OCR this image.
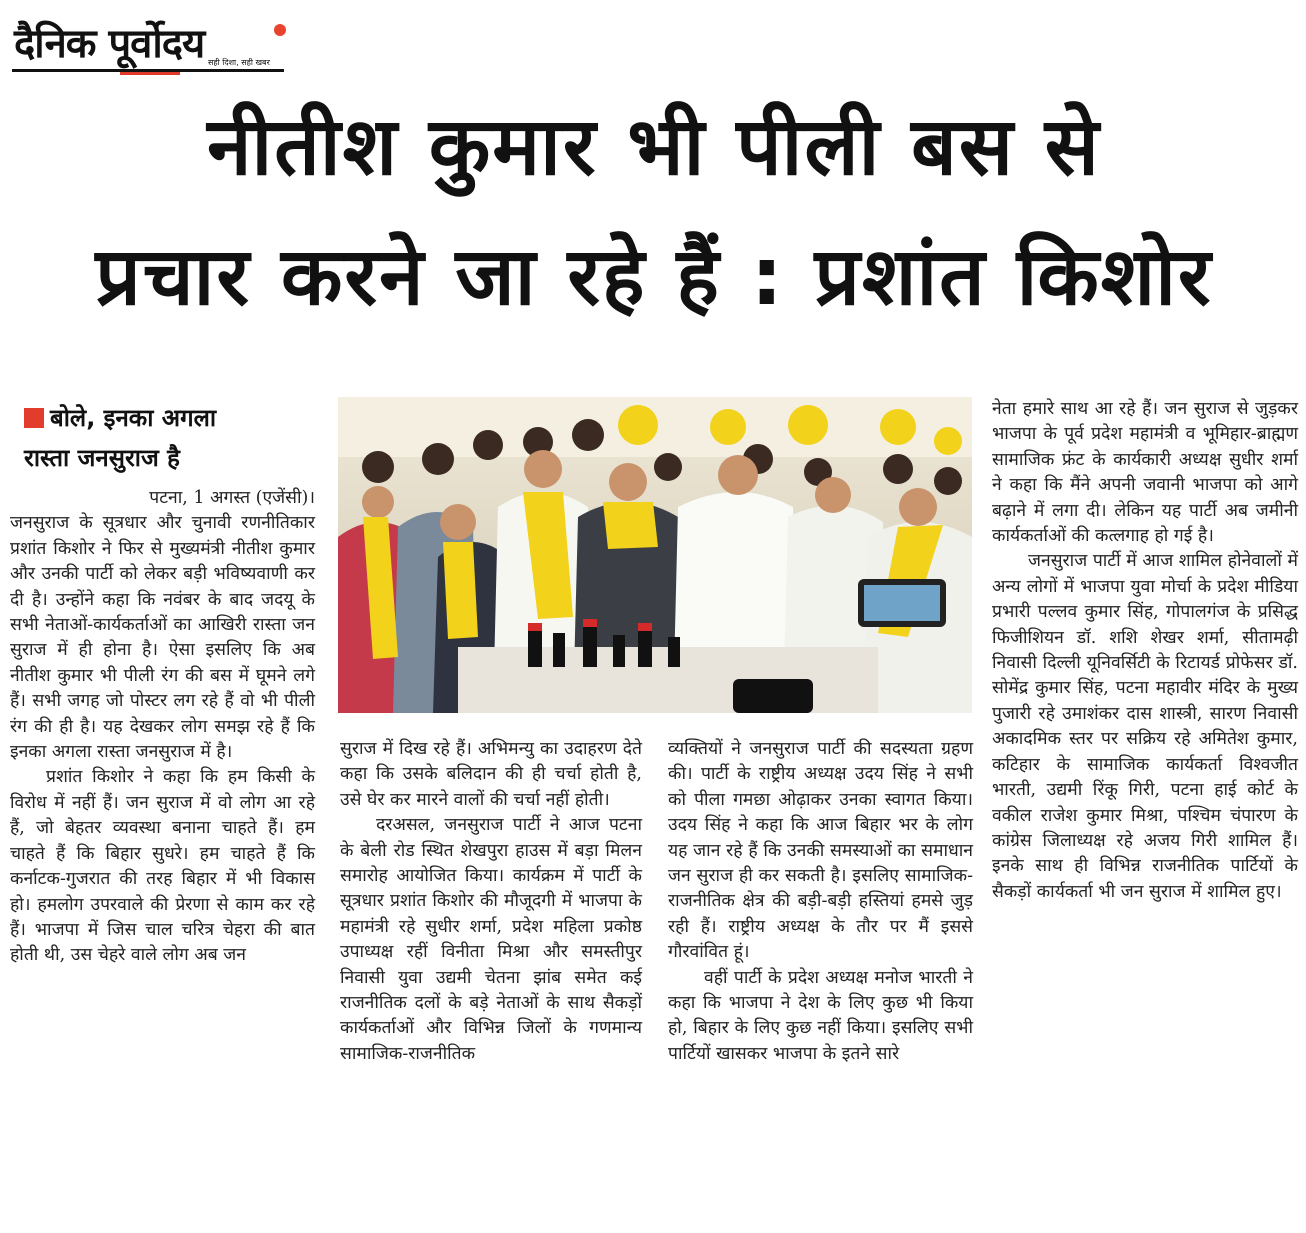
दैनिक पूर्वोदय सही दिशा, सही खबर
नीतीश कुमार भी पीली बस से
प्रचार करने जा रहे हैं : प्रशांत किशोर
बोले, इनका अगला
रास्ता जनसुराज है

पटना, 1 अगस्त (एजेंसी)।

जनसुराज के सूत्रधार और चुनावी रणनीतिकार प्रशांत किशोर ने फिर से मुख्यमंत्री नीतीश कुमार और उनकी पार्टी को लेकर बड़ी भविष्यवाणी कर दी है। उन्होंने कहा कि नवंबर के बाद जदयू के सभी नेताओं-कार्यकर्ताओं का आखिरी रास्ता जन सुराज में ही होना है। ऐसा इसलिए कि अब नीतीश कुमार भी पीली रंग की बस में घूमने लगे हैं। सभी जगह जो पोस्टर लग रहे हैं वो भी पीली रंग की ही है। यह देखकर लोग समझ रहे हैं कि इनका अगला रास्ता जनसुराज में है।

प्रशांत किशोर ने कहा कि हम किसी के विरोध में नहीं हैं। जन सुराज में वो लोग आ रहे हैं, जो बेहतर व्यवस्था बनाना चाहते हैं। हम चाहते हैं कि बिहार सुधरे। हम चाहते हैं कि कर्नाटक-गुजरात की तरह बिहार में भी विकास हो। हमलोग उपरवाले की प्रेरणा से काम कर रहे हैं। भाजपा में जिस चाल चरित्र चेहरा की बात होती थी, उस चेहरे वाले लोग अब जन

सुराज में दिख रहे हैं। अभिमन्यु का उदाहरण देते कहा कि उसके बलिदान की ही चर्चा होती है, उसे घेर कर मारने वालों की चर्चा नहीं होती।

दरअसल, जनसुराज पार्टी ने आज पटना के बेली रोड स्थित शेखपुरा हाउस में बड़ा मिलन समारोह आयोजित किया। कार्यक्रम में पार्टी के सूत्रधार प्रशांत किशोर की मौजूदगी में भाजपा के महामंत्री रहे सुधीर शर्मा, प्रदेश महिला प्रकोष्ठ उपाध्यक्ष रहीं विनीता मिश्रा और समस्तीपुर निवासी युवा उद्यमी चेतना झांब समेत कई राजनीतिक दलों के बड़े नेताओं के साथ सैकड़ों कार्यकर्ताओं और विभिन्न जिलों के गणमान्य सामाजिक-राजनीतिक

व्यक्तियों ने जनसुराज पार्टी की सदस्यता ग्रहण की। पार्टी के राष्ट्रीय अध्यक्ष उदय सिंह ने सभी को पीला गमछा ओढ़ाकर उनका स्वागत किया। उदय सिंह ने कहा कि आज बिहार भर के लोग यह जान रहे हैं कि उनकी समस्याओं का समाधान जन सुराज ही कर सकती है। इसलिए सामाजिक-राजनीतिक क्षेत्र की बड़ी-बड़ी हस्तियां हमसे जुड़ रही हैं। राष्ट्रीय अध्यक्ष के तौर पर मैं इससे गौरवांवित हूं।

वहीं पार्टी के प्रदेश अध्यक्ष मनोज भारती ने कहा कि भाजपा ने देश के लिए कुछ भी किया हो, बिहार के लिए कुछ नहीं किया। इसलिए सभी पार्टियों खासकर भाजपा के इतने सारे

नेता हमारे साथ आ रहे हैं। जन सुराज से जुड़कर भाजपा के पूर्व प्रदेश महामंत्री व भूमिहार-ब्राह्मण सामाजिक फ्रंट के कार्यकारी अध्यक्ष सुधीर शर्मा ने कहा कि मैंने अपनी जवानी भाजपा को आगे बढ़ाने में लगा दी। लेकिन यह पार्टी अब जमीनी कार्यकर्ताओं की कत्लगाह हो गई है।

जनसुराज पार्टी में आज शामिल होनेवालों में अन्य लोगों में भाजपा युवा मोर्चा के प्रदेश मीडिया प्रभारी पल्लव कुमार सिंह, गोपालगंज के प्रसिद्ध फिजीशियन डॉ. शशि शेखर शर्मा, सीतामढ़ी निवासी दिल्ली यूनिवर्सिटी के रिटायर्ड प्रोफेसर डॉ. सोमेंद्र कुमार सिंह, पटना महावीर मंदिर के मुख्य पुजारी रहे उमाशंकर दास शास्त्री, सारण निवासी अकादमिक स्तर पर सक्रिय रहे अमितेश कुमार, कटिहार के सामाजिक कार्यकर्ता विश्वजीत भारती, उद्यमी रिंकू गिरी, पटना हाई कोर्ट के वकील राजेश कुमार मिश्रा, पश्चिम चंपारण के कांग्रेस जिलाध्यक्ष रहे अजय गिरी शामिल हैं। इनके साथ ही विभिन्न राजनीतिक पार्टियों के सैकड़ों कार्यकर्ता भी जन सुराज में शामिल हुए।
